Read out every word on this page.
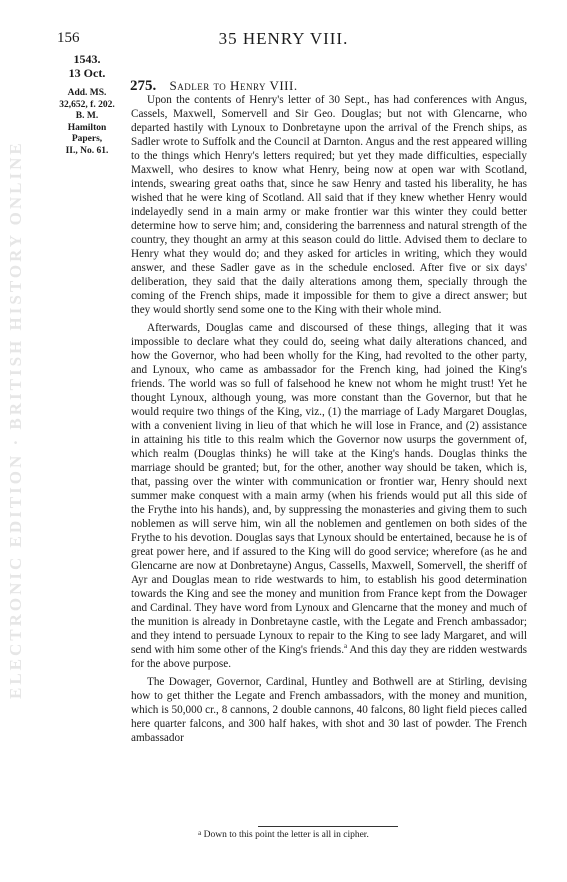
ELECTRONIC EDITION · BRITISH HISTORY ONLINE
156	35 HENRY VIII.
1543.
13 Oct.
Add. MS.
32,652, f. 202.
B. M.
Hamilton
Papers,
II., No. 61.
275. Sadler to Henry VIII.

Upon the contents of Henry's letter of 30 Sept., has had conferences with Angus, Cassels, Maxwell, Somervell and Sir Geo. Douglas; but not with Glencarne, who departed hastily with Lynoux to Donbretayne upon the arrival of the French ships, as Sadler wrote to Suffolk and the Council at Darnton. Angus and the rest appeared willing to the things which Henry's letters required; but yet they made difficulties, especially Maxwell, who desires to know what Henry, being now at open war with Scotland, intends, swearing great oaths that, since he saw Henry and tasted his liberality, he has wished that he were king of Scotland. All said that if they knew whether Henry would indelayedly send in a main army or make frontier war this winter they could better determine how to serve him; and, considering the barrenness and natural strength of the country, they thought an army at this season could do little. Advised them to declare to Henry what they would do; and they asked for articles in writing, which they would answer, and these Sadler gave as in the schedule enclosed. After five or six days' deliberation, they said that the daily alterations among them, specially through the coming of the French ships, made it impossible for them to give a direct answer; but they would shortly send some one to the King with their whole mind.

Afterwards, Douglas came and discoursed of these things, alleging that it was impossible to declare what they could do, seeing what daily alterations chanced, and how the Governor, who had been wholly for the King, had revolted to the other party, and Lynoux, who came as ambassador for the French king, had joined the King's friends. The world was so full of falsehood he knew not whom he might trust! Yet he thought Lynoux, although young, was more constant than the Governor, but that he would require two things of the King, viz., (1) the marriage of Lady Margaret Douglas, with a convenient living in lieu of that which he will lose in France, and (2) assistance in attaining his title to this realm which the Governor now usurps the government of, which realm (Douglas thinks) he will take at the King's hands. Douglas thinks the marriage should be granted; but, for the other, another way should be taken, which is, that, passing over the winter with communication or frontier war, Henry should next summer make conquest with a main army (when his friends would put all this side of the Frythe into his hands), and, by suppressing the monasteries and giving them to such noblemen as will serve him, win all the noblemen and gentlemen on both sides of the Frythe to his devotion. Douglas says that Lynoux should be entertained, because he is of great power here, and if assured to the King will do good service; wherefore (as he and Glencarne are now at Donbretayne) Angus, Cassells, Maxwell, Somervell, the sheriff of Ayr and Douglas mean to ride westwards to him, to establish his good determination towards the King and see the money and munition from France kept from the Dowager and Cardinal. They have word from Lynoux and Glencarne that the money and much of the munition is already in Donbretayne castle, with the Legate and French ambassador; and they intend to persuade Lynoux to repair to the King to see lady Margaret, and will send with him some other of the King's friends.$^a$ And this day they are ridden westwards for the above purpose.

The Dowager, Governor, Cardinal, Huntley and Bothwell are at Stirling, devising how to get thither the Legate and French ambassadors, with the money and munition, which is 50,000 cr., 8 cannons, 2 double cannons, 40 falcons, 80 light field pieces called here quarter falcons, and 300 half hakes, with shot and 30 last of powder. The French ambassador

$^a$ Down to this point the letter is all in cipher.
